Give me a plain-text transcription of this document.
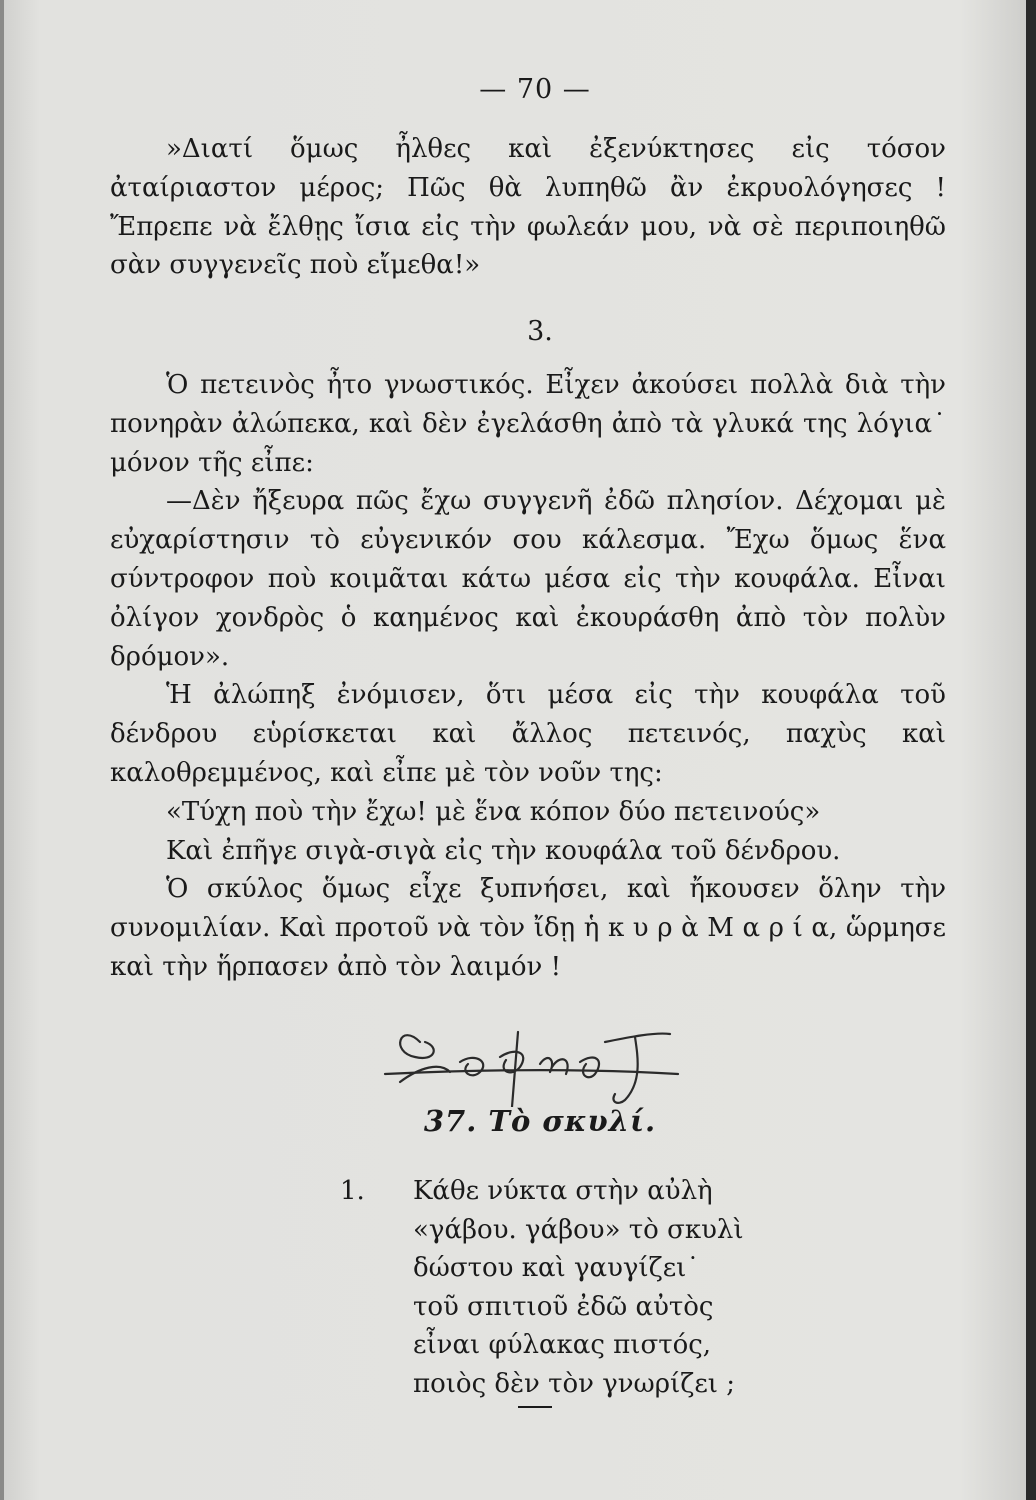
— 70 —

»Διατί ὅμως ἦλθες καὶ ἐξενύκτησες εἰς τόσον ἀταίριαστον μέρος; Πῶς θὰ λυπηθῶ ἂν ἐκρυολόγησες ! Ἔπρεπε νὰ ἔλθῃς ἴσια εἰς τὴν φωλεάν μου, νὰ σὲ περιποιηθῶ σὰν συγγενεῖς ποὺ εἴμεθα!»

3.

Ὁ πετεινὸς ἦτο γνωστικός. Εἶχεν ἀκούσει πολλὰ διὰ τὴν πονηρὰν ἀλώπεκα, καὶ δὲν ἐγελάσθη ἀπὸ τὰ γλυκά της λόγια˙ μόνον τῆς εἶπε:

—Δὲν ἤξευρα πῶς ἔχω συγγενῆ ἐδῶ πλησίον. Δέχομαι μὲ εὐχαρίστησιν τὸ εὐγενικόν σου κάλεσμα. Ἔχω ὅμως ἕνα σύντροφον ποὺ κοιμᾶται κάτω μέσα εἰς τὴν κουφάλα. Εἶναι ὀλίγον χονδρὸς ὁ καημένος καὶ ἐκουράσθη ἀπὸ τὸν πολὺν δρόμον».

Ἡ ἀλώπηξ ἐνόμισεν, ὅτι μέσα εἰς τὴν κουφάλα τοῦ δένδρου εὑρίσκεται καὶ ἄλλος πετεινός, παχὺς καὶ καλοθρεμμένος, καὶ εἶπε μὲ τὸν νοῦν της:

«Τύχη ποὺ τὴν ἔχω! μὲ ἕνα κόπον δύο πετεινούς»

Καὶ ἐπῆγε σιγὰ-σιγὰ εἰς τὴν κουφάλα τοῦ δένδρου.

Ὁ σκύλος ὅμως εἶχε ξυπνήσει, καὶ ἤκουσεν ὅλην τὴν συνομιλίαν. Καὶ προτοῦ νὰ τὸν ἴδῃ ἡ κ υ ρ ὰ Μ α ρ ί α, ὥρμησε καὶ τὴν ἥρπασεν ἀπὸ τὸν λαιμόν !

37. Τὸ σκυλί.
1. Κάθε νύκτα στὴν αὐλὴ
«γάβου. γάβου» τὸ σκυλὶ
δώστου καὶ γαυγίζει˙
τοῦ σπιτιοῦ ἐδῶ αὐτὸς
εἶναι φύλακας πιστός,
ποιὸς δὲν τὸν γνωρίζει ;
